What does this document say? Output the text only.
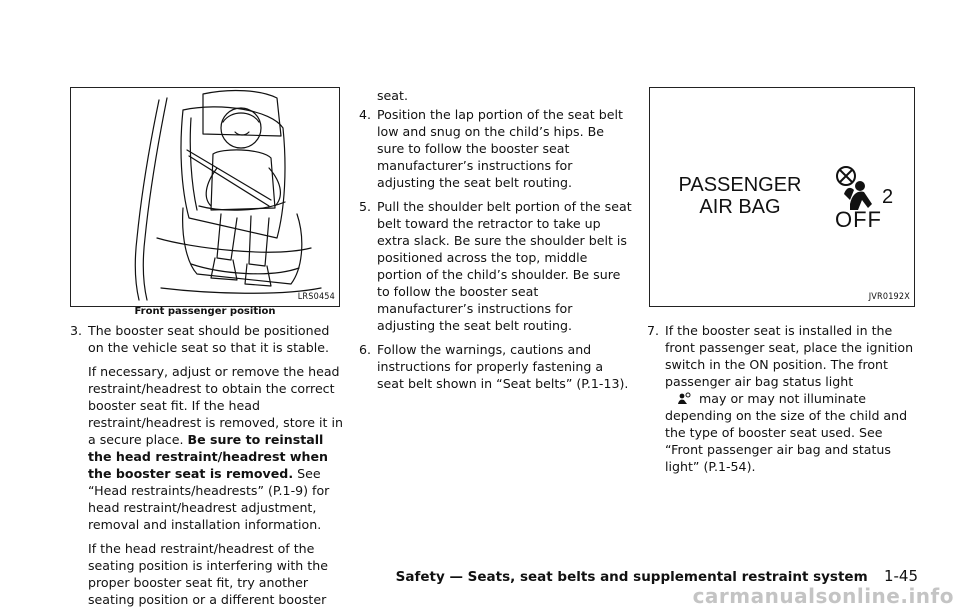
LRS0454
Front passenger position
PASSENGER
AIR BAG	2
OFF
JVR0192X
3. The booster seat should be positioned on the vehicle seat so that it is stable.

If necessary, adjust or remove the head restraint/headrest to obtain the correct booster seat fit. If the head restraint/headrest is removed, store it in a secure place. Be sure to reinstall the head restraint/headrest when the booster seat is removed. See “Head restraints/headrests” (P.1-9) for head restraint/headrest adjustment, removal and installation information.

If the head restraint/headrest of the seating position is interfering with the proper booster seat fit, try another seating position or a different booster

seat.
4. Position the lap portion of the seat belt low and snug on the child’s hips. Be sure to follow the booster seat manufacturer’s instructions for adjusting the seat belt routing.

5. Pull the shoulder belt portion of the seat belt toward the retractor to take up extra slack. Be sure the shoulder belt is positioned across the top, middle portion of the child’s shoulder. Be sure to follow the booster seat manufacturer’s instructions for adjusting the seat belt routing.

6. Follow the warnings, cautions and instructions for properly fastening a seat belt shown in “Seat belts” (P.1-13).

7. If the booster seat is installed in the front passenger seat, place the ignition switch in the ON position. The front passenger air bag status light
may or may not illuminate depending on the size of the child and the type of booster seat used. See “Front passenger air bag and status light” (P.1-54).

Safety — Seats, seat belts and supplemental restraint system 1-45
carmanualsonline.info
